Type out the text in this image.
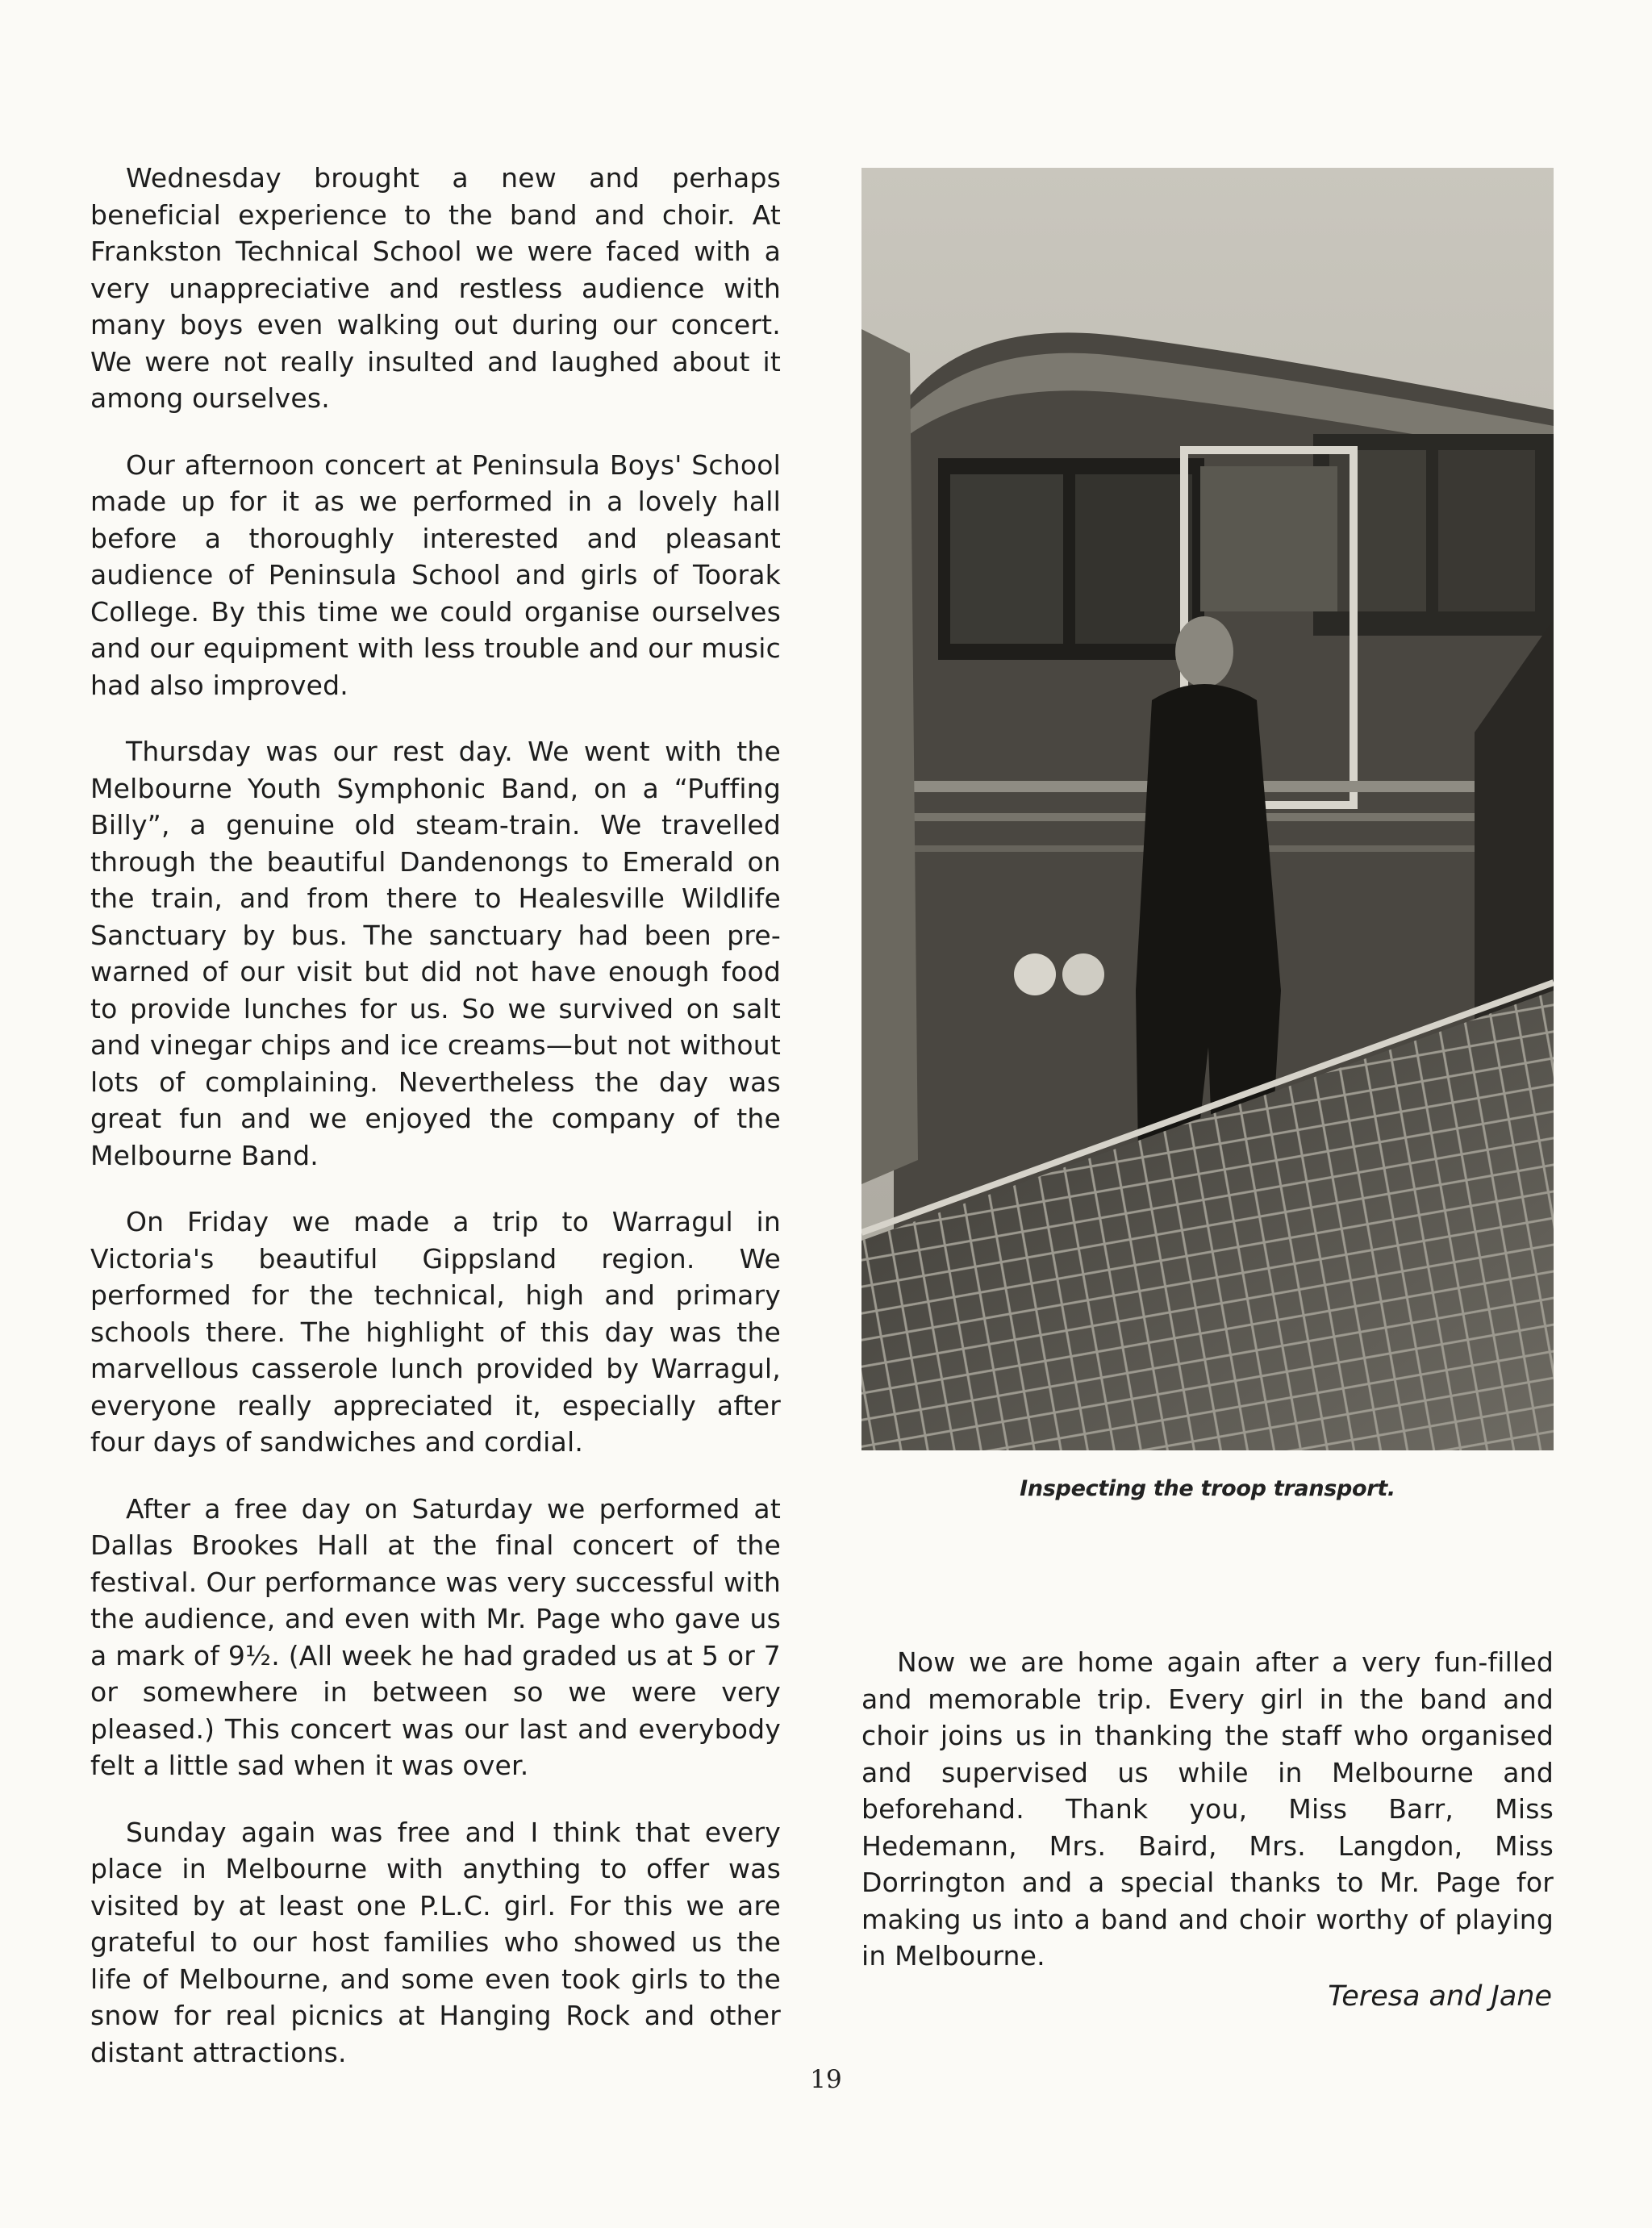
Wednesday brought a new and perhaps beneficial experience to the band and choir. At Frankston Technical School we were faced with a very unappreciative and restless audience with many boys even walking out during our concert. We were not really insulted and laughed about it among ourselves.

Our afternoon concert at Peninsula Boys' School made up for it as we performed in a lovely hall before a thoroughly interested and pleasant audience of Peninsula School and girls of Toorak College. By this time we could organise ourselves and our equipment with less trouble and our music had also improved.

Thursday was our rest day. We went with the Melbourne Youth Symphonic Band, on a “Puffing Billy”, a genuine old steam-train. We travelled through the beautiful Dandenongs to Emerald on the train, and from there to Healesville Wildlife Sanctuary by bus. The sanctuary had been pre-warned of our visit but did not have enough food to provide lunches for us. So we survived on salt and vinegar chips and ice creams—but not without lots of complaining. Nevertheless the day was great fun and we enjoyed the company of the Melbourne Band.

On Friday we made a trip to Warragul in Victoria's beautiful Gippsland region. We performed for the technical, high and primary schools there. The highlight of this day was the marvellous casserole lunch provided by Warragul, everyone really appreciated it, especially after four days of sandwiches and cordial.

After a free day on Saturday we performed at Dallas Brookes Hall at the final concert of the festival. Our performance was very successful with the audience, and even with Mr. Page who gave us a mark of 9½. (All week he had graded us at 5 or 7 or somewhere in between so we were very pleased.) This concert was our last and everybody felt a little sad when it was over.

Sunday again was free and I think that every place in Melbourne with anything to offer was visited by at least one P.L.C. girl. For this we are grateful to our host families who showed us the life of Melbourne, and some even took girls to the snow for real picnics at Hanging Rock and other distant attractions.

Inspecting the troop transport.

Now we are home again after a very fun-filled and memorable trip. Every girl in the band and choir joins us in thanking the staff who organised and supervised us while in Melbourne and beforehand. Thank you, Miss Barr, Miss Hedemann, Mrs. Baird, Mrs. Langdon, Miss Dorrington and a special thanks to Mr. Page for making us into a band and choir worthy of playing in Melbourne.

Teresa and Jane
19
